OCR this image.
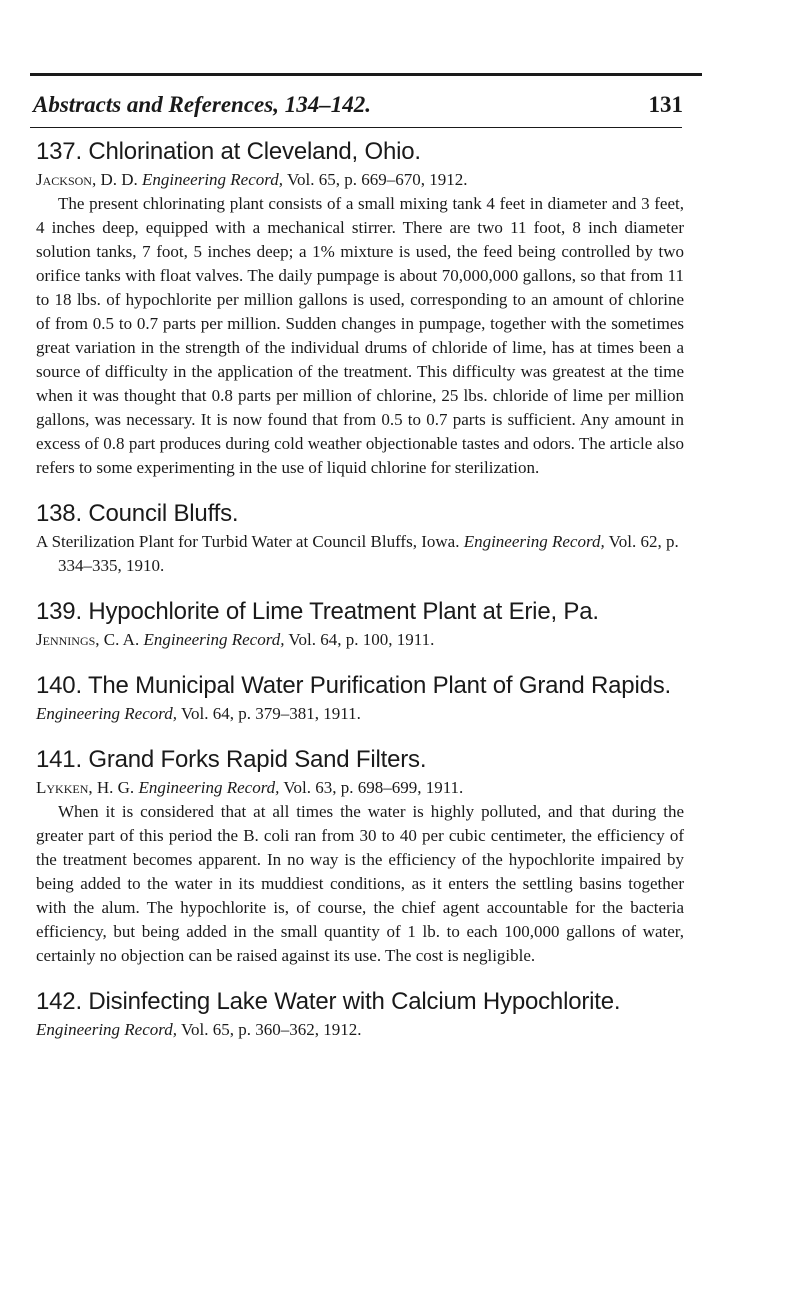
Abstracts and References, 134–142.	131
137. Chlorination at Cleveland, Ohio.

Jackson, D. D. Engineering Record, Vol. 65, p. 669–670, 1912.

The present chlorinating plant consists of a small mixing tank 4 feet in diameter and 3 feet, 4 inches deep, equipped with a mechanical stirrer. There are two 11 foot, 8 inch diameter solution tanks, 7 foot, 5 inches deep; a 1% mixture is used, the feed being controlled by two orifice tanks with float valves. The daily pumpage is about 70,000,000 gallons, so that from 11 to 18 lbs. of hypochlorite per million gallons is used, corresponding to an amount of chlorine of from 0.5 to 0.7 parts per million. Sudden changes in pumpage, together with the sometimes great variation in the strength of the individual drums of chloride of lime, has at times been a source of difficulty in the application of the treatment. This difficulty was greatest at the time when it was thought that 0.8 parts per million of chlorine, 25 lbs. chloride of lime per million gallons, was necessary. It is now found that from 0.5 to 0.7 parts is sufficient. Any amount in excess of 0.8 part produces during cold weather objectionable tastes and odors. The article also refers to some experimenting in the use of liquid chlorine for sterilization.

138. Council Bluffs.

A Sterilization Plant for Turbid Water at Council Bluffs, Iowa. Engineering Record, Vol. 62, p. 334–335, 1910.

139. Hypochlorite of Lime Treatment Plant at Erie, Pa.

Jennings, C. A. Engineering Record, Vol. 64, p. 100, 1911.

140. The Municipal Water Purification Plant of Grand Rapids.

Engineering Record, Vol. 64, p. 379–381, 1911.

141. Grand Forks Rapid Sand Filters.

Lykken, H. G. Engineering Record, Vol. 63, p. 698–699, 1911.

When it is considered that at all times the water is highly polluted, and that during the greater part of this period the B. coli ran from 30 to 40 per cubic centimeter, the efficiency of the treatment becomes apparent. In no way is the efficiency of the hypochlorite impaired by being added to the water in its muddiest conditions, as it enters the settling basins together with the alum. The hypochlorite is, of course, the chief agent accountable for the bacteria efficiency, but being added in the small quantity of 1 lb. to each 100,000 gallons of water, certainly no objection can be raised against its use. The cost is negligible.

142. Disinfecting Lake Water with Calcium Hypochlorite.

Engineering Record, Vol. 65, p. 360–362, 1912.
